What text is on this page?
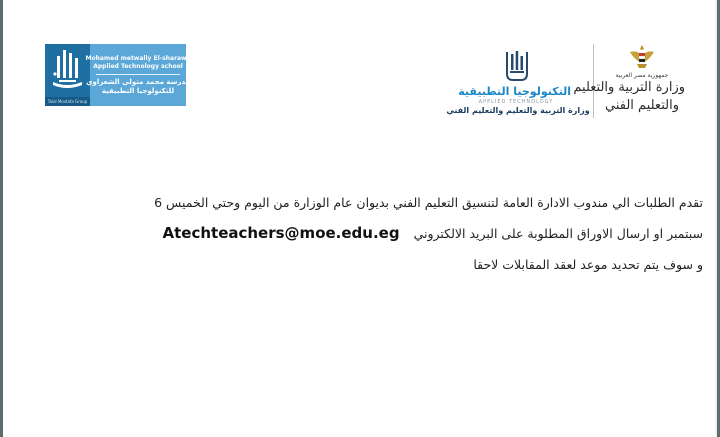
Talal Mostafa Group
Mohamed metwally El-sharawy
Applied Technology school
مدرسة محمد متولي الشعراوي
للتكنولوجيا التطبيقية	التكنولوجيا التطبيقية
APPLIED TECHNOLOGY
وزارة التربية والتعليم والتعليم الفني
جمهورية مصر العربية
وزارة التربية والتعليم
والتعليم الفني
تقدم الطلبات الي مندوب الادارة العامة لتنسيق التعليم الفني بديوان عام الوزارة من اليوم وحتي الخميس 6
سبتمبر او ارسال الاوراق المطلوبة على البريد الالكتروني
Atechteachers@moe.edu.eg
و سوف يتم تحديد موعد لعقد المقابلات لاحقا
